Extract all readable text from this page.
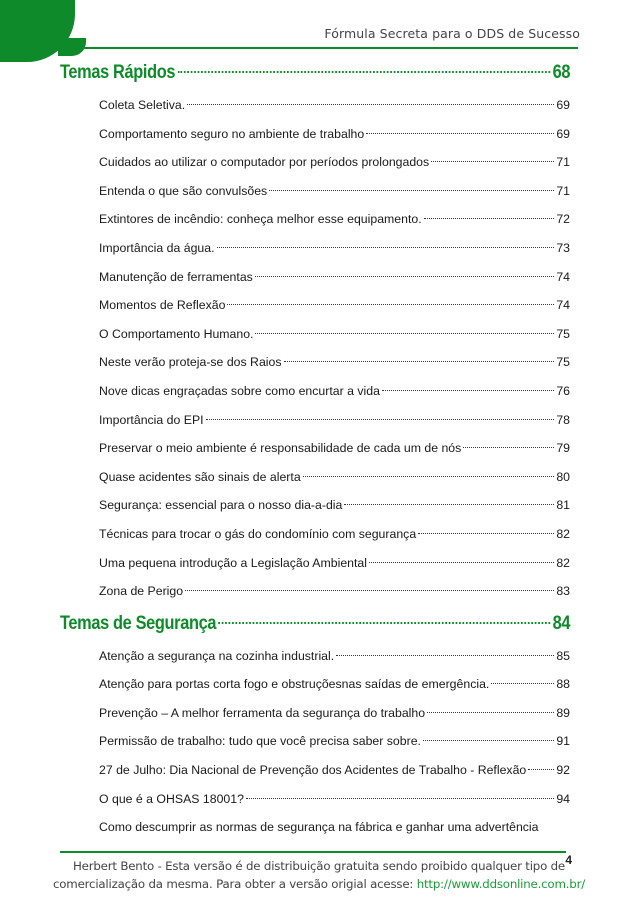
Fórmula Secreta para o DDS de Sucesso
Temas Rápidos	68
Coleta Seletiva.	69
Comportamento seguro no ambiente de trabalho	69
Cuidados ao utilizar o computador por períodos prolongados	71
Entenda o que são convulsões	71
Extintores de incêndio: conheça melhor esse equipamento.	72
Importância da água.	73
Manutenção de ferramentas	74
Momentos de Reflexão	74
O Comportamento Humano.	75
Neste verão proteja-se dos Raios	75
Nove dicas engraçadas sobre como encurtar a vida	76
Importância do EPI	78
Preservar o meio ambiente é responsabilidade de cada um de nós	79
Quase acidentes são sinais de alerta	80
Segurança: essencial para o nosso dia-a-dia	81
Técnicas para trocar o gás do condomínio com segurança	82
Uma pequena introdução a Legislação Ambiental	82
Zona de Perigo	83
Temas de Segurança	84
Atenção a segurança na cozinha industrial.	85
Atenção para portas corta fogo e obstruçõesnas saídas de emergência.	88
Prevenção – A melhor ferramenta da segurança do trabalho	89
Permissão de trabalho: tudo que você precisa saber sobre.	91
27 de Julho: Dia Nacional de Prevenção dos Acidentes de Trabalho - Reflexão 92
O que é a OHSAS 18001?	94
Como descumprir as normas de segurança na fábrica e ganhar uma advertência
4
Herbert Bento - Esta versão é de distribuição gratuita sendo proibido qualquer tipo de
comercialização da mesma. Para obter a versão origial acesse: http://www.ddsonline.com.br/
